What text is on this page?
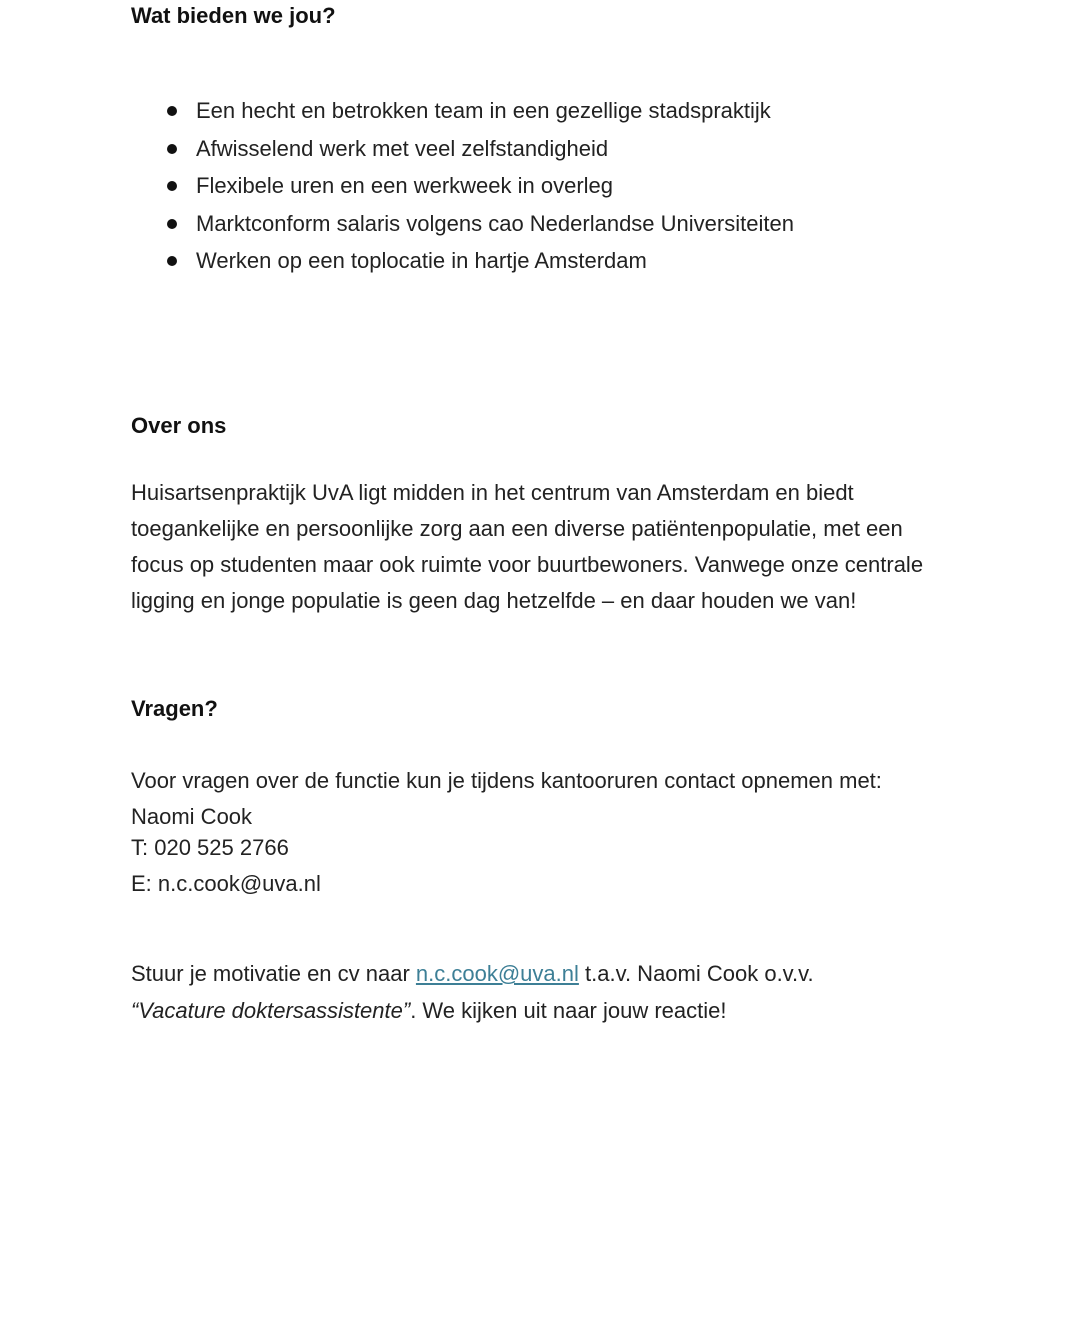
Wat bieden we jou?
Een hecht en betrokken team in een gezellige stadspraktijk
Afwisselend werk met veel zelfstandigheid
Flexibele uren en een werkweek in overleg
Marktconform salaris volgens cao Nederlandse Universiteiten
Werken op een toplocatie in hartje Amsterdam
Over ons

Huisartsenpraktijk UvA ligt midden in het centrum van Amsterdam en biedt toegankelijke en persoonlijke zorg aan een diverse patiëntenpopulatie, met een focus op studenten maar ook ruimte voor buurtbewoners. Vanwege onze centrale ligging en jonge populatie is geen dag hetzelfde – en daar houden we van!

Vragen?
Voor vragen over de functie kun je tijdens kantooruren contact opnemen met:
Naomi Cook
T: 020 525 2766
E: n.c.cook@uva.nl

Stuur je motivatie en cv naar n.c.cook@uva.nl t.a.v. Naomi Cook o.v.v.
“Vacature doktersassistente”. We kijken uit naar jouw reactie!
